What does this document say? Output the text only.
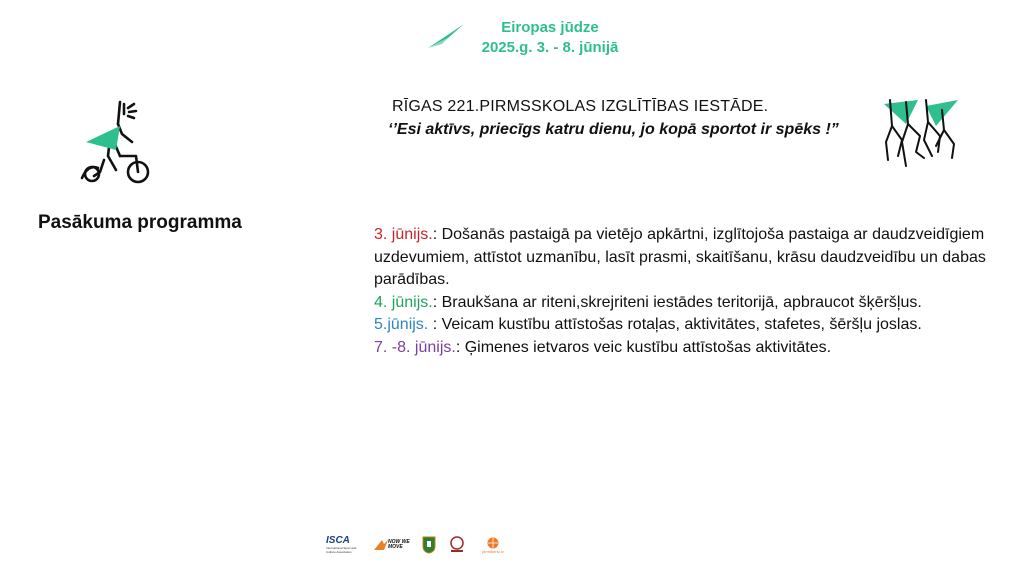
Eiropas jūdze
2025.g. 3. - 8. jūnijā
RĪGAS 221.PIRMSSKOLAS IZGLĪTĪBAS IESTĀDE.
‘’Esi aktīvs, priecīgs katru dienu, jo kopā sportot ir spēks !”
Pasākuma programma
3. jūnijs.: Došanās pastaigā pa vietējo apkārtni, izglītojoša pastaiga ar daudzveidīgiem uzdevumiem, attīstot uzmanību, lasīt prasmi, skaitīšanu, krāsu daudzveidību un dabas parādības.
4. jūnijs.: Braukšana ar riteni,skrejriteni iestādes teritorijā, apbraucot šķēršļus.
5.jūnijs. : Veicam kustību attīstošas rotaļas, aktivitātes, stafetes, šēršļu joslas.
7. -8. jūnijs.: Ģimenes ietvaros veic kustību attīstošas aktivitātes.
ISCA
International Sport and Culture Association
NOW WE MOVE
pirmdienu.lv
